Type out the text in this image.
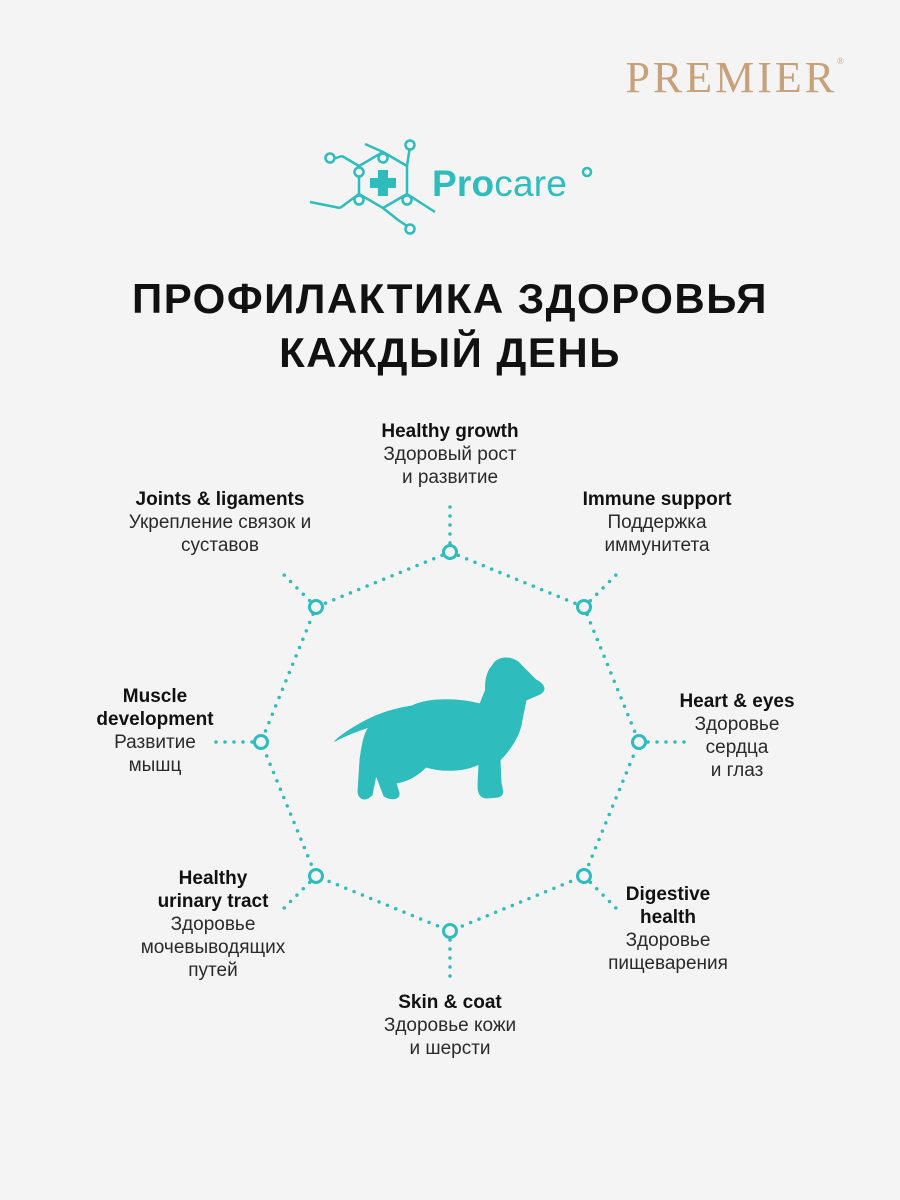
PREMIER®
Procare
ПРОФИЛАКТИКА ЗДОРОВЬЯ
КАЖДЫЙ ДЕНЬ
Healthy growth
Здоровый рост
и развитие
Immune support
Поддержка
иммунитета
Heart & eyes
Здоровье
сердца
и глаз
Digestive
health
Здоровье
пищеварения
Skin & coat
Здоровье кожи
и шерсти
Healthy
urinary tract
Здоровье
мочевыводящих
путей
Muscle
development
Развитие
мышц
Joints & ligaments
Укрепление связок и
суставов
